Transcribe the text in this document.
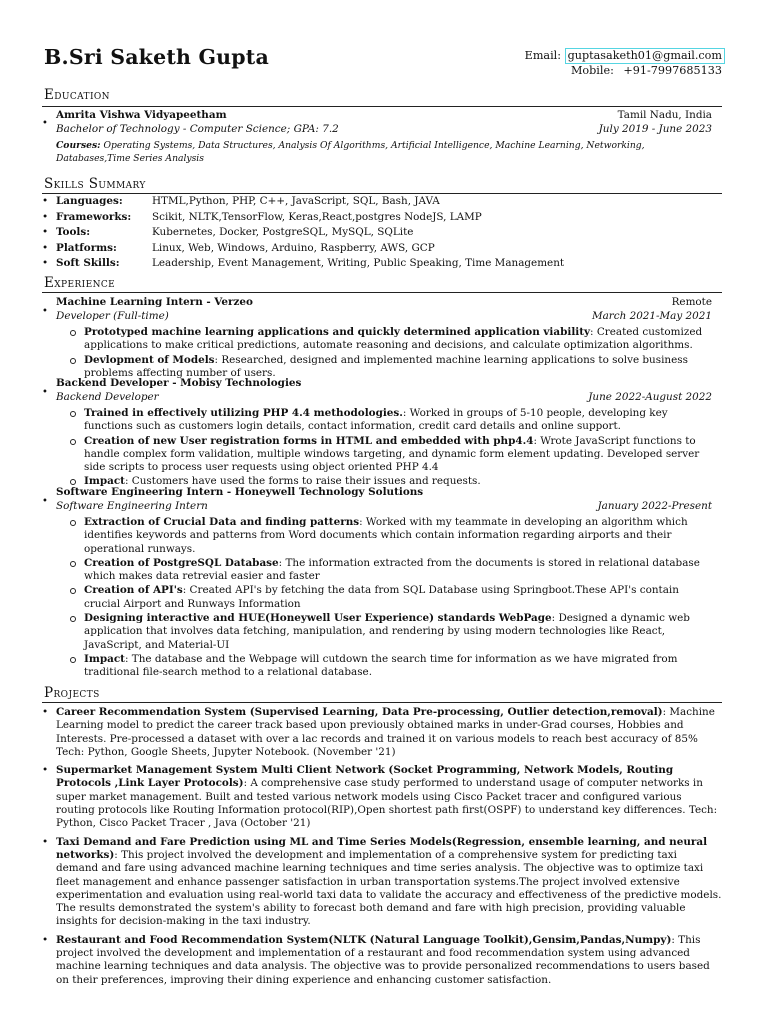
B.Sri Saketh Gupta	Email: guptasaketh01@gmail.com
Mobile: +91-7997685133
Education
•
Amrita Vishwa Vidyapeetham	Tamil Nadu, India
Bachelor of Technology - Computer Science; GPA: 7.2	July 2019 - June 2023
Courses: Operating Systems, Data Structures, Analysis Of Algorithms, Artificial Intelligence, Machine Learning, Networking,
Databases,Time Series Analysis
Skills Summary
• Languages:	HTML,Python, PHP, C++, JavaScript, SQL, Bash, JAVA
• Frameworks: Scikit, NLTK,TensorFlow, Keras,React,postgres NodeJS, LAMP
• Tools:	Kubernetes, Docker, PostgreSQL, MySQL, SQLite
• Platforms:	Linux, Web, Windows, Arduino, Raspberry, AWS, GCP
• Soft Skills:	Leadership, Event Management, Writing, Public Speaking, Time Management
Experience
•
Machine Learning Intern - Verzeo	Remote
Developer (Full-time)	March 2021-May 2021
Prototyped machine learning applications and quickly determined application viability: Created customized applications to make critical predictions, automate reasoning and decisions, and calculate optimization algorithms.
Devlopment of Models: Researched, designed and implemented machine learning applications to solve business problems affecting number of users.
•
Backend Developer - Mobisy Technologies
Backend Developer	June 2022-August 2022
Trained in effectively utilizing PHP 4.4 methodologies.: Worked in groups of 5-10 people, developing key functions such as customers login details, contact information, credit card details and online support.
Creation of new User registration forms in HTML and embedded with php4.4: Wrote JavaScript functions to handle complex form validation, multiple windows targeting, and dynamic form element updating. Developed server side scripts to process user requests using object oriented PHP 4.4
Impact: Customers have used the forms to raise their issues and requests.
•
Software Engineering Intern - Honeywell Technology Solutions
Software Engineering Intern	January 2022-Present
Extraction of Crucial Data and finding patterns: Worked with my teammate in developing an algorithm which identifies keywords and patterns from Word documents which contain information regarding airports and their operational runways.
Creation of PostgreSQL Database: The information extracted from the documents is stored in relational database which makes data retrevial easier and faster
Creation of API's: Created API's by fetching the data from SQL Database using Springboot.These API's contain crucial Airport and Runways Information
Designing interactive and HUE(Honeywell User Experience) standards WebPage: Designed a dynamic web application that involves data fetching, manipulation, and rendering by using modern technologies like React, JavaScript, and Material-UI
Impact: The database and the Webpage will cutdown the search time for information as we have migrated from traditional file-search method to a relational database.
Projects
• Career Recommendation System (Supervised Learning, Data Pre-processing, Outlier detection,removal): Machine Learning model to predict the career track based upon previously obtained marks in under-Grad courses, Hobbies and Interests. Pre-processed a dataset with over a lac records and trained it on various models to reach best accuracy of 85% Tech: Python, Google Sheets, Jupyter Notebook. (November '21)
• Supermarket Management System Multi Client Network (Socket Programming, Network Models, Routing Protocols ,Link Layer Protocols): A comprehensive case study performed to understand usage of computer networks in super market management. Built and tested various network models using Cisco Packet tracer and configured various routing protocols like Routing Information protocol(RIP),Open shortest path first(OSPF) to understand key differences. Tech: Python, Cisco Packet Tracer , Java (October '21)
• Taxi Demand and Fare Prediction using ML and Time Series Models(Regression, ensemble learning, and neural networks): This project involved the development and implementation of a comprehensive system for predicting taxi demand and fare using advanced machine learning techniques and time series analysis. The objective was to optimize taxi fleet management and enhance passenger satisfaction in urban transportation systems.The project involved extensive experimentation and evaluation using real-world taxi data to validate the accuracy and effectiveness of the predictive models. The results demonstrated the system's ability to forecast both demand and fare with high precision, providing valuable insights for decision-making in the taxi industry.
• Restaurant and Food Recommendation System(NLTK (Natural Language Toolkit),Gensim,Pandas,Numpy): This project involved the development and implementation of a restaurant and food recommendation system using advanced machine learning techniques and data analysis. The objective was to provide personalized recommendations to users based on their preferences, improving their dining experience and enhancing customer satisfaction.
